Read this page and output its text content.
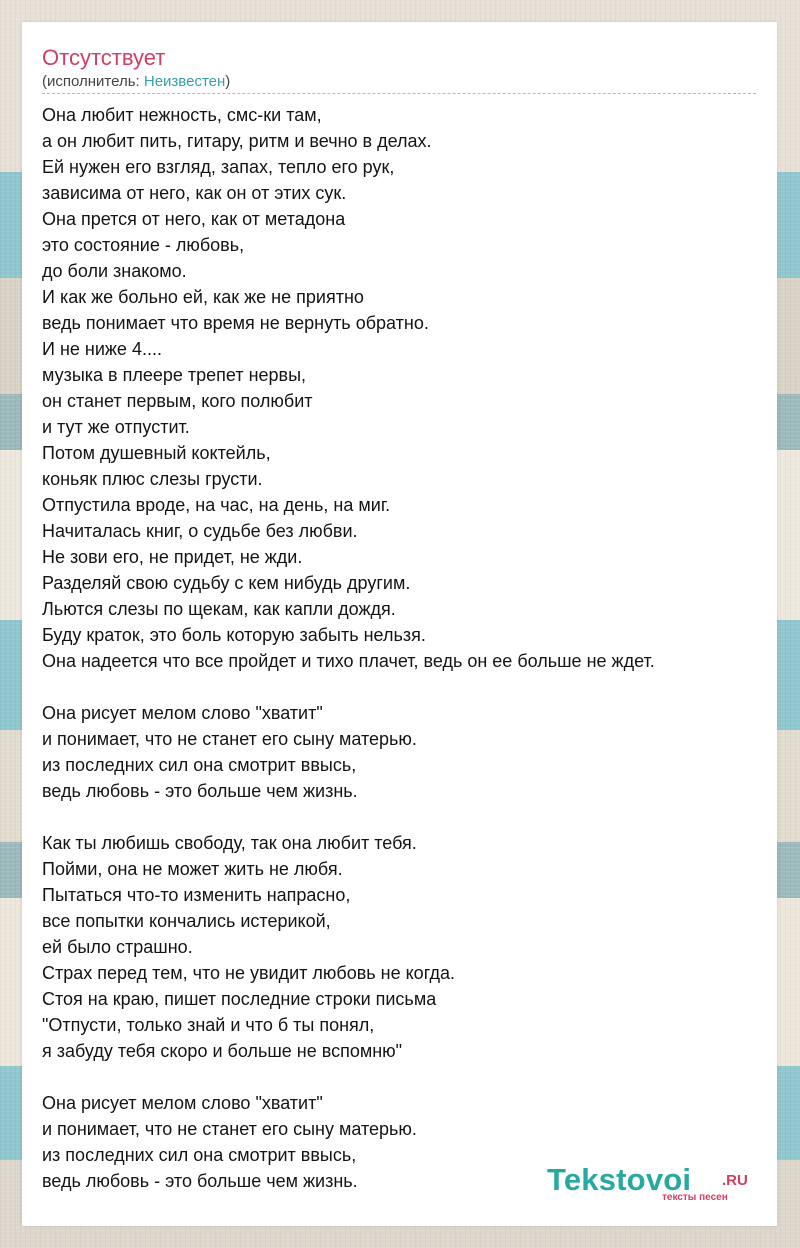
Отсутствует
(исполнитель: Неизвестен)
Она любит нежность, смс-ки там,
а он любит пить, гитару, ритм и вечно в делах.
Ей нужен его взгляд, запах, тепло его рук,
зависима от него, как он от этих сук.
Она прется от него, как от метадона
это состояние - любовь,
до боли знакомо.
И как же больно ей, как же не приятно
ведь понимает что время не вернуть обратно.
И не ниже 4....
музыка в плеере трепет нервы,
он станет первым, кого полюбит
и тут же отпустит.
Потом душевный коктейль,
коньяк плюс слезы грусти.
Отпустила вроде, на час, на день, на миг.
Начиталась книг, о судьбе без любви.
Не зови его, не придет, не жди.
Разделяй свою судьбу с кем нибудь другим.
Льются слезы по щекам, как капли дождя.
Буду краток, это боль которую забыть нельзя.
Она надеется что все пройдет и тихо плачет, ведь он ее больше не ждет.
Она рисует мелом слово "хватит"
и понимает, что не станет его сыну матерью.
из последних сил она смотрит ввысь,
ведь любовь - это больше чем жизнь.
Как ты любишь свободу, так она любит тебя.
Пойми, она не может жить не любя.
Пытаться что-то изменить напрасно,
все попытки кончались истерикой,
ей было страшно.
Страх перед тем, что не увидит любовь не когда.
Стоя на краю, пишет последние строки письма
"Отпусти, только знай и что б ты понял,
я забуду тебя скоро и больше не вспомню"
Она рисует мелом слово "хватит"
и понимает, что не станет его сыну матерью.
из последних сил она смотрит ввысь,
ведь любовь - это больше чем жизнь.	Tekstovoi .RU
тексты песен
